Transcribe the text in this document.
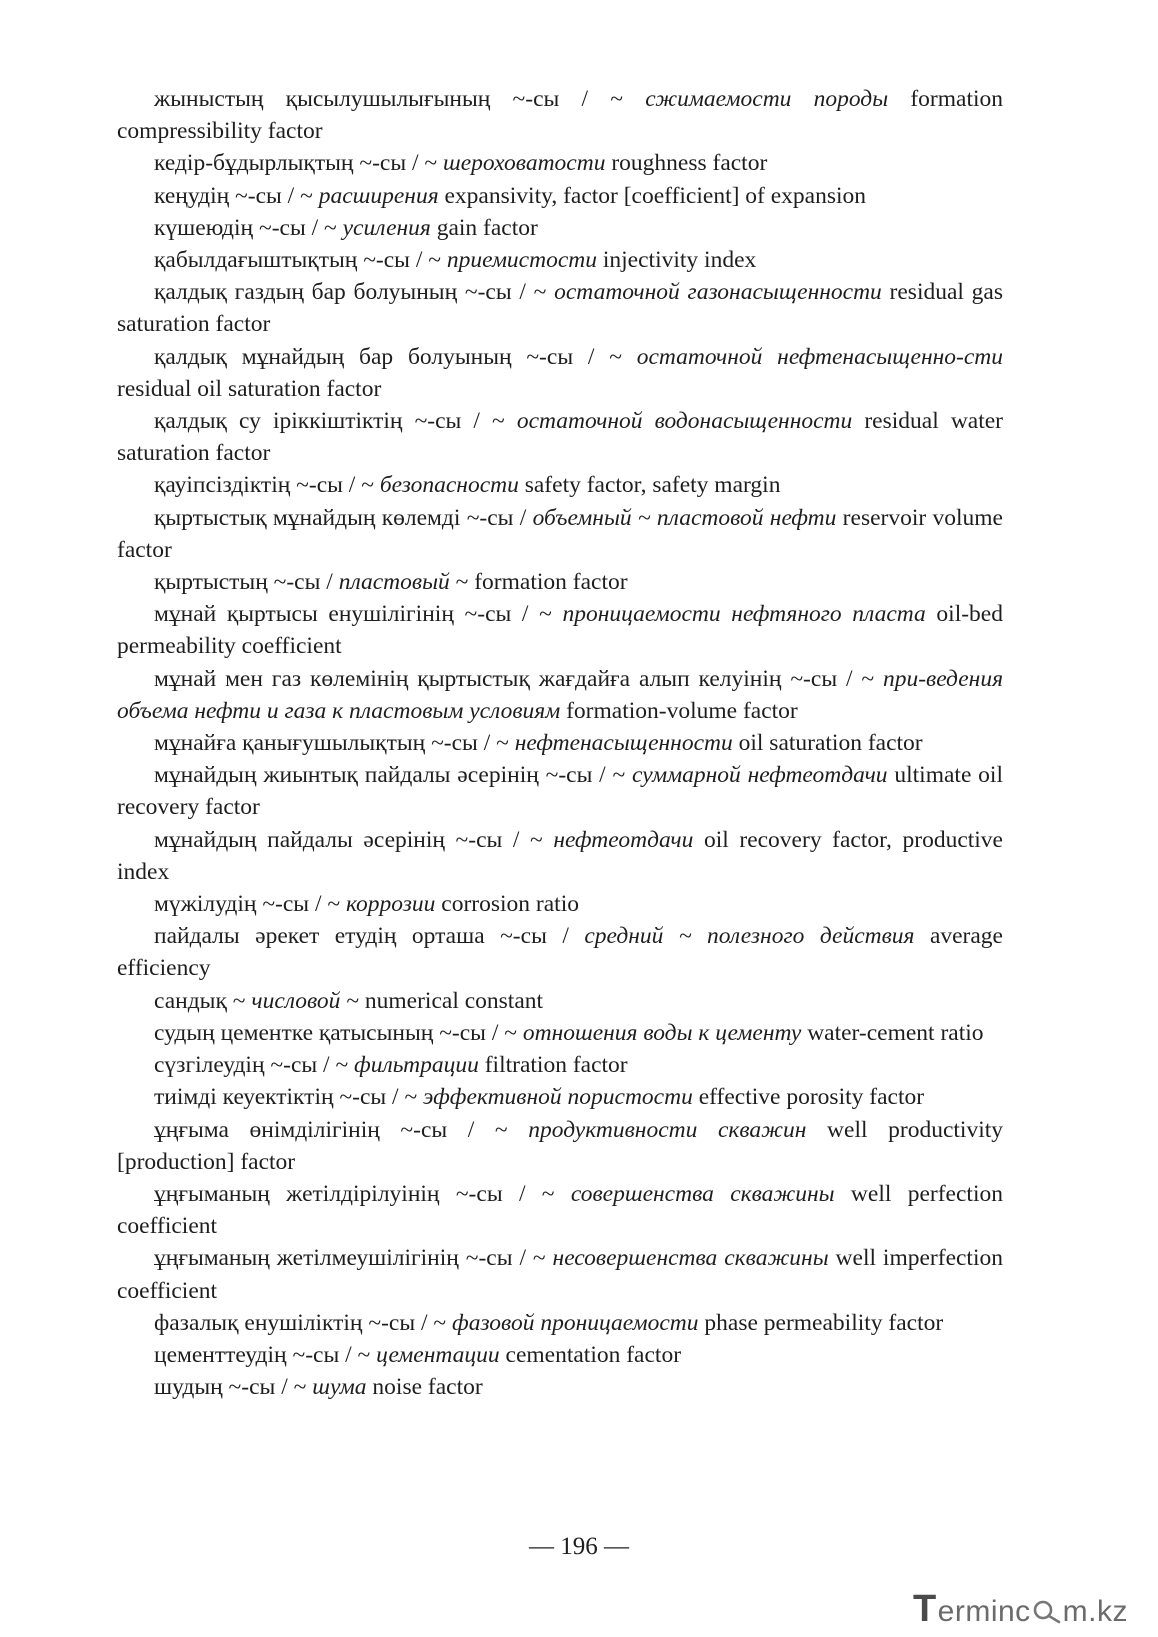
жыныстың қысылушылығының ~-сы / ~ сжимаемости породы formation compressibility factor

кедір-бұдырлықтың ~-сы / ~ шероховатости roughness factor

кеңудің ~-сы / ~ расширения expansivity, factor [coefficient] of expansion

күшеюдің ~-сы / ~ усиления gain factor

қабылдағыштықтың ~-сы / ~ приемистости injectivity index

қалдық газдың бар болуының ~-сы / ~ остаточной газонасыщенности residual gas saturation factor

қалдық мұнайдың бар болуының ~-сы / ~ остаточной нефтенасыщенно-сти residual oil saturation factor

қалдық су іріккіштіктің ~-сы / ~ остаточной водонасыщенности residual water saturation factor

қауіпсіздіктің ~-сы / ~ безопасности safety factor, safety margin

қыртыстық мұнайдың көлемді ~-сы / объемный ~ пластовой нефти reservoir volume factor

қыртыстың ~-сы / пластовый ~ formation factor

мұнай қыртысы енушілігінің ~-сы / ~ проницаемости нефтяного пласта oil-bed permeability coefficient

мұнай мен газ көлемінің қыртыстық жағдайға алып келуінің ~-сы / ~ при-ведения объема нефти и газа к пластовым условиям formation-volume factor

мұнайға қанығушылықтың ~-сы / ~ нефтенасыщенности oil saturation factor

мұнайдың жиынтық пайдалы әсерінің ~-сы / ~ суммарной нефтеотдачи ultimate oil recovery factor

мұнайдың пайдалы әсерінің ~-сы / ~ нефтеотдачи oil recovery factor, productive index

мүжілудің ~-сы / ~ коррозии corrosion ratio

пайдалы әрекет етудің орташа ~-сы / средний ~ полезного действия average efficiency

сандық ~ числовой ~ numerical constant

судың цементке қатысының ~-сы / ~ отношения воды к цементу water-cement ratio

сүзгілеудің ~-сы / ~ фильтрации filtration factor

тиімді кеуектіктің ~-сы / ~ эффективной пористости effective porosity factor

ұңғыма өнімділігінің ~-сы / ~ продуктивности скважин well productivity [production] factor

ұңғыманың жетілдірілуінің ~-сы / ~ совершенства скважины well perfection coefficient

ұңғыманың жетілмеушілігінің ~-сы / ~ несовершенства скважины well imperfection coefficient

фазалық енушіліктің ~-сы / ~ фазовой проницаемости phase permeability factor

цементтеудің ~-сы / ~ цементации cementation factor

шудың ~-сы / ~ шума noise factor

— 196 —
T erminc m.kz
